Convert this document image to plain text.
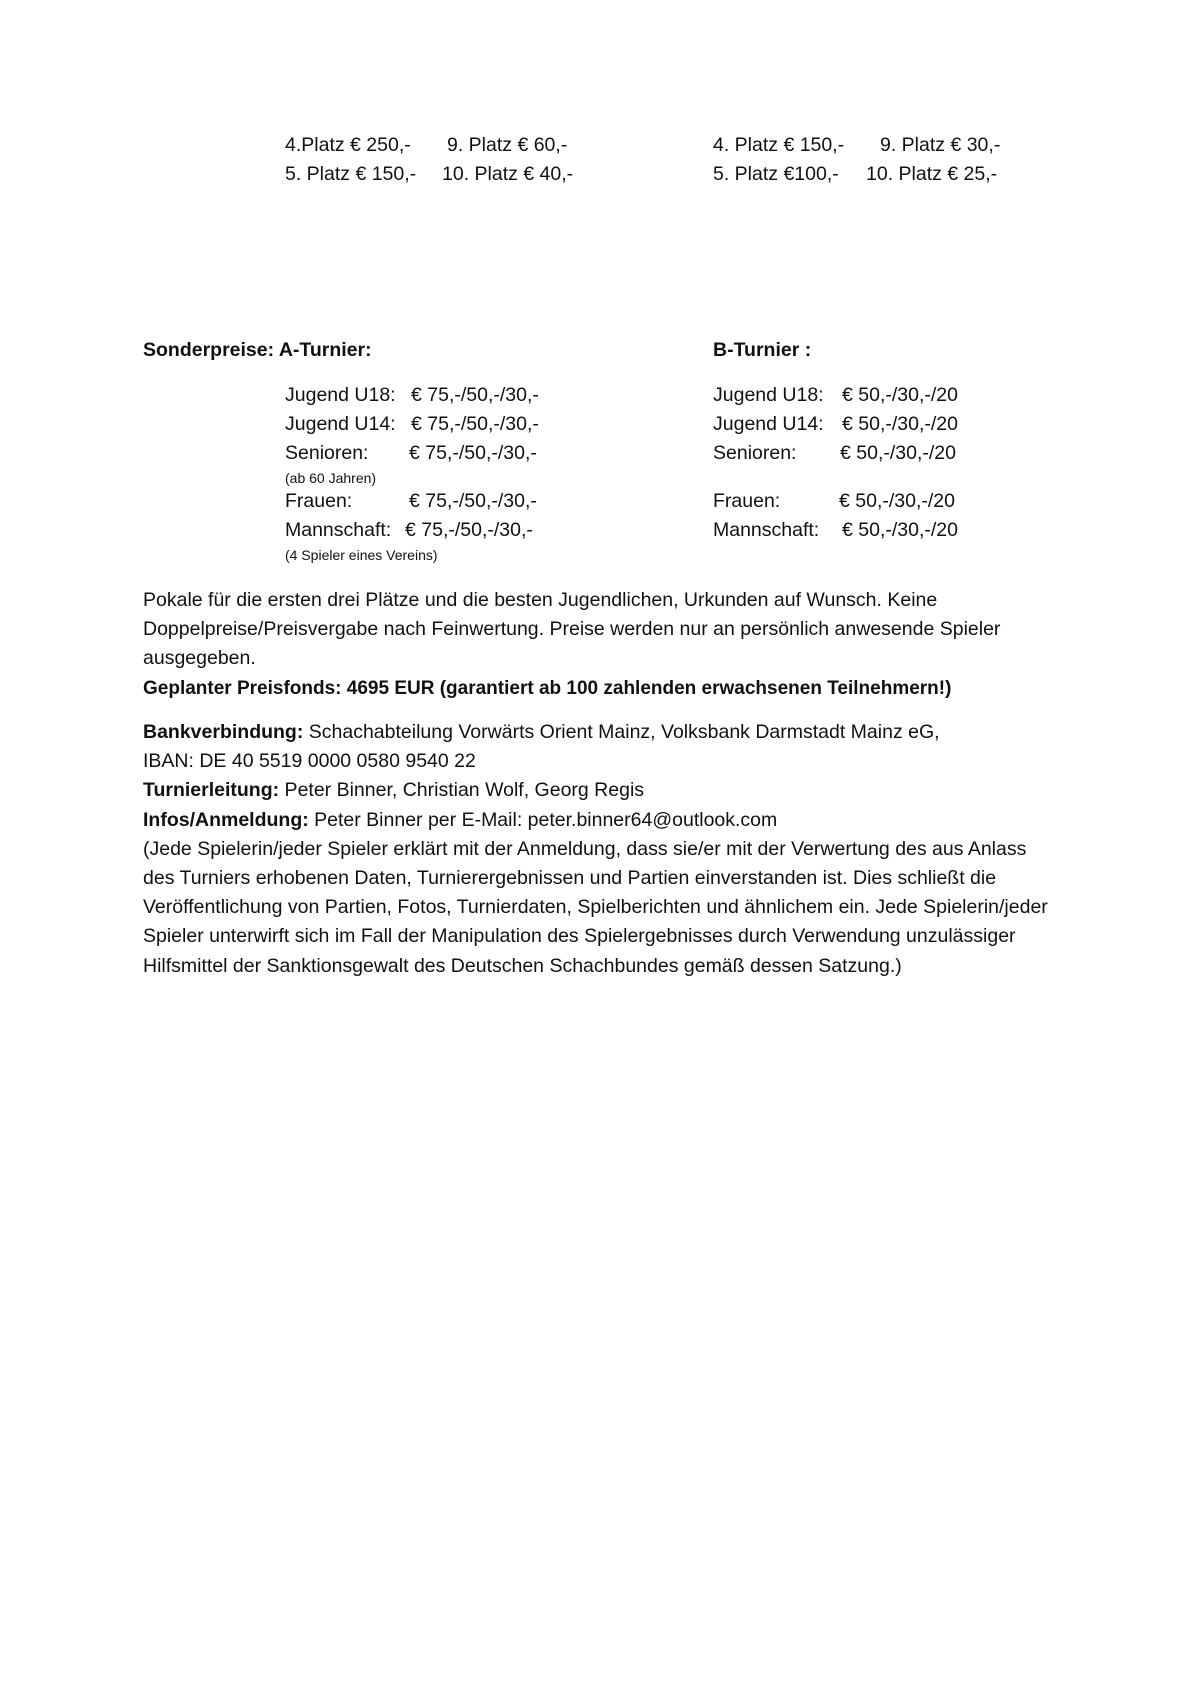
4.Platz € 250,-	9. Platz € 60,-
5. Platz € 150,-	10. Platz € 40,-
4. Platz € 150,-	9. Platz € 30,-
5. Platz €100,-	10. Platz € 25,-
Sonderpreise: A-Turnier:	B-Turnier :
Jugend U18: € 75,-/50,-/30,-
Jugend U14: € 75,-/50,-/30,-
Senioren:	€ 75,-/50,-/30,-
(ab 60 Jahren)
Frauen:	€ 75,-/50,-/30,-
Mannschaft: € 75,-/50,-/30,-
(4 Spieler eines Vereins)
Jugend U18: € 50,-/30,-/20
Jugend U14: € 50,-/30,-/20
Senioren:	€ 50,-/30,-/20
Frauen:	€ 50,-/30,-/20
Mannschaft:	€ 50,-/30,-/20

Pokale für die ersten drei Plätze und die besten Jugendlichen, Urkunden auf Wunsch. Keine Doppelpreise/Preisvergabe nach Feinwertung. Preise werden nur an persönlich anwesende Spieler ausgegeben.

Geplanter Preisfonds: 4695 EUR (garantiert ab 100 zahlenden erwachsenen Teilnehmern!)

Bankverbindung: Schachabteilung Vorwärts Orient Mainz, Volksbank Darmstadt Mainz eG,

IBAN: DE 40 5519 0000 0580 9540 22

Turnierleitung: Peter Binner, Christian Wolf, Georg Regis

Infos/Anmeldung: Peter Binner per E-Mail: peter.binner64@outlook.com

(Jede Spielerin/jeder Spieler erklärt mit der Anmeldung, dass sie/er mit der Verwertung des aus Anlass des Turniers erhobenen Daten, Turnierergebnissen und Partien einverstanden ist. Dies schließt die Veröffentlichung von Partien, Fotos, Turnierdaten, Spielberichten und ähnlichem ein. Jede Spielerin/jeder Spieler unterwirft sich im Fall der Manipulation des Spielergebnisses durch Verwendung unzulässiger Hilfsmittel der Sanktionsgewalt des Deutschen Schachbundes gemäß dessen Satzung.)
